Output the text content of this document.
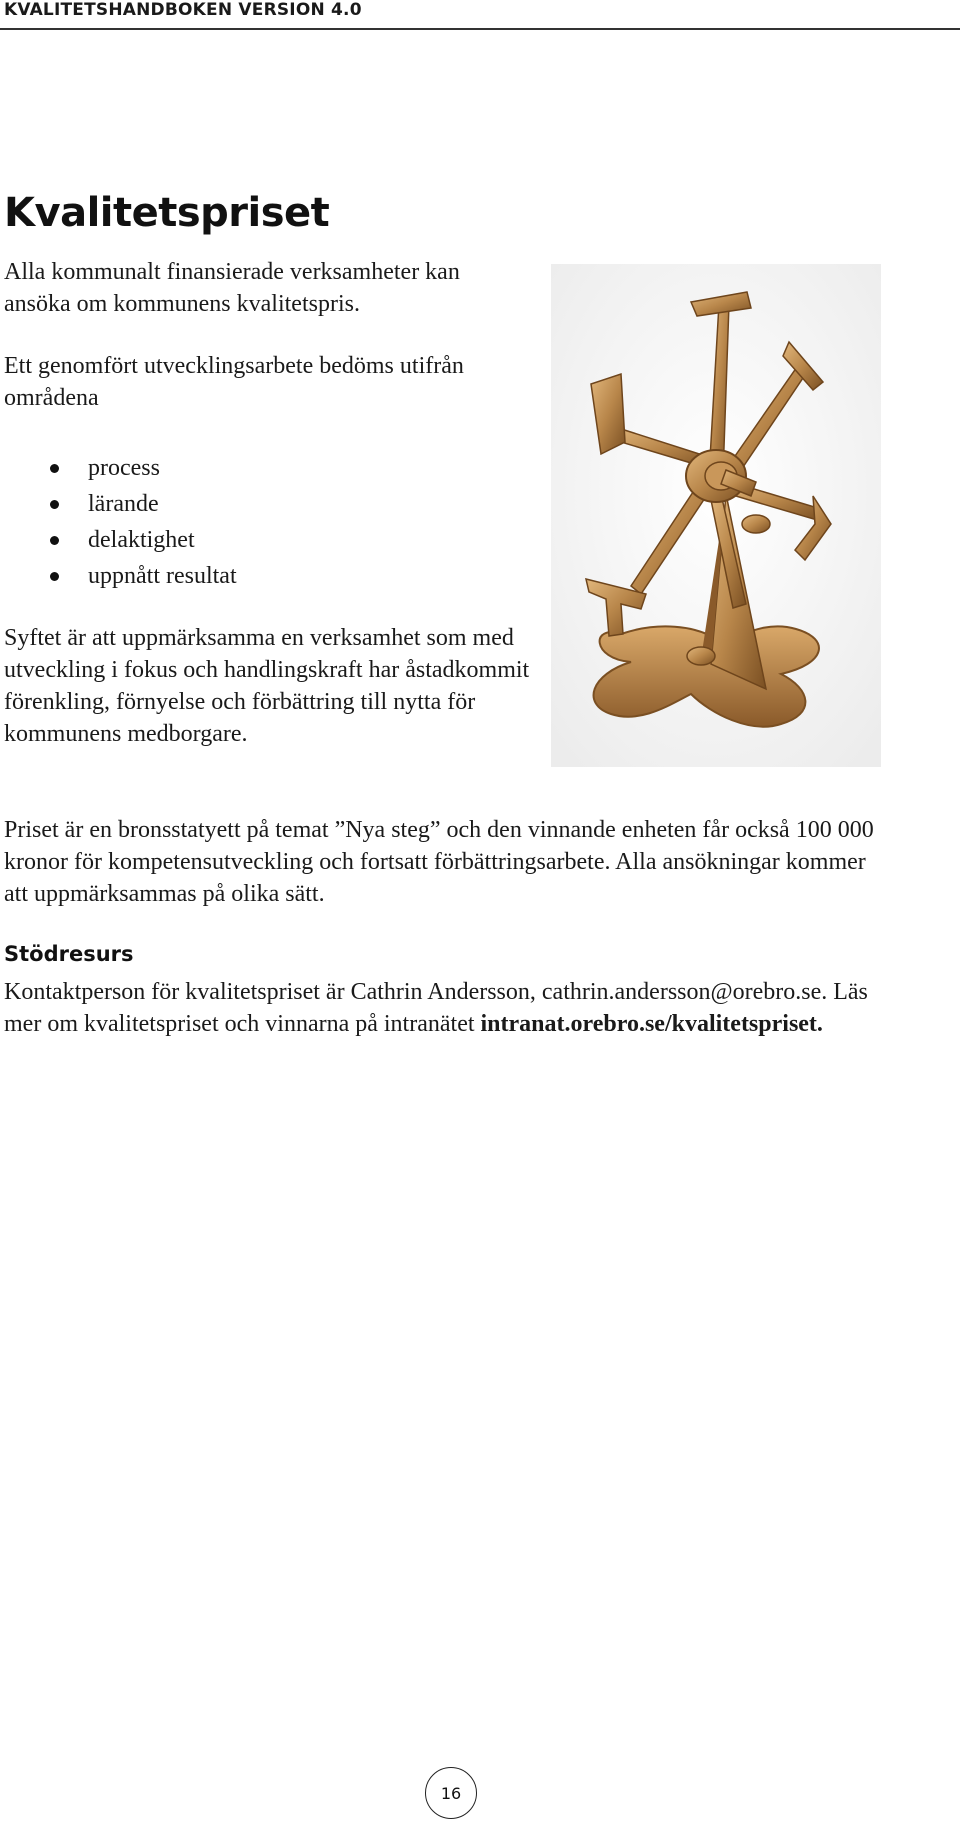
KVALITETSHANDBOKEN VERSION 4.0
Kvalitetspriset

Alla kommunalt finansierade verksamheter kan ansöka om kommunens kvalitetspris.

Ett genomfört utvecklingsarbete bedöms utifrån områdena

process
lärande
delaktighet
uppnått resultat

Syftet är att uppmärksamma en verksamhet som med utveckling i fokus och handlingskraft har åstadkommit förenkling, förnyelse och förbättring till nytta för kommunens medborgare.

Priset är en bronsstatyett på temat ”Nya steg” och den vinnande enheten får också 100 000 kronor för kompetensutveckling och fortsatt förbättringsarbete. Alla ansökningar kommer att uppmärksammas på olika sätt.

Stödresurs

Kontaktperson för kvalitetspriset är Cathrin Andersson, cathrin.andersson@orebro.se. Läs mer om kvalitetspriset och vinnarna på intranätet intranat.orebro.se/kvalitetspriset.

16
